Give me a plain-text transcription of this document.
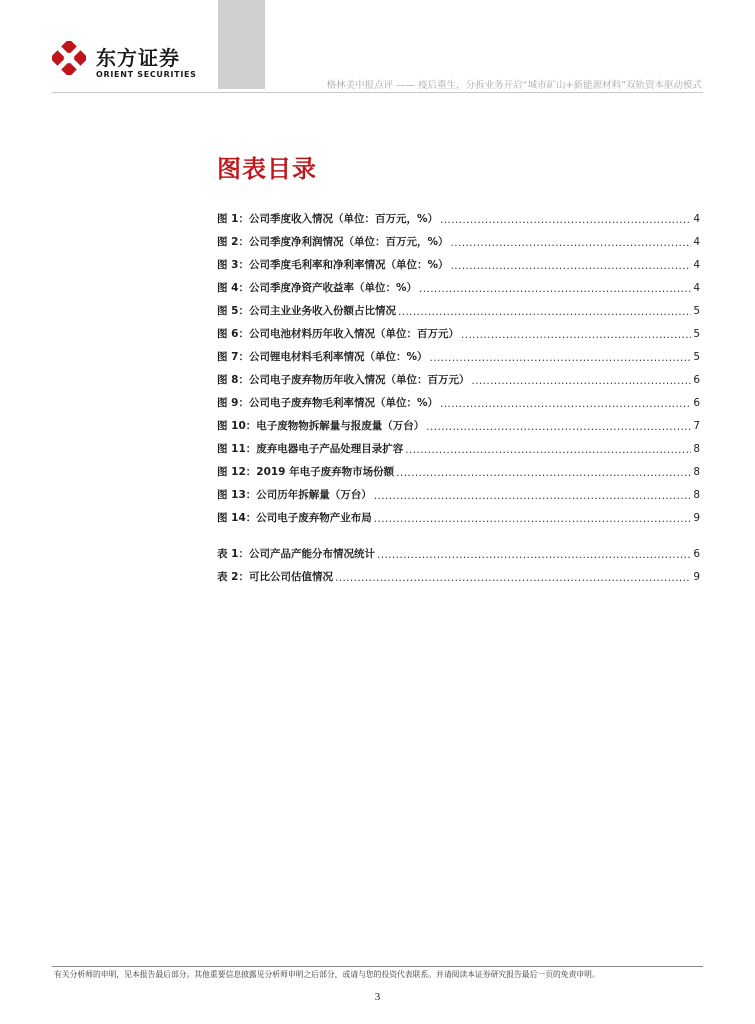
东方证券
ORIENT SECURITIES
格林美中报点评 —— 疫后重生，分拆业务开启“城市矿山+新能源材料”双轨资本驱动模式
图表目录
图 1：公司季度收入情况（单位：百万元，%） .....	4
图 2：公司季度净利润情况（单位：百万元，%） .....	4
图 3：公司季度毛利率和净利率情况（单位：%） .....	4
图 4：公司季度净资产收益率（单位：%） .....	4
图 5：公司主业业务收入份额占比情况 .....	5
图 6：公司电池材料历年收入情况（单位：百万元） .....	5
图 7：公司锂电材料毛利率情况（单位：%） .....	5
图 8：公司电子废弃物历年收入情况（单位：百万元） .....	6
图 9：公司电子废弃物毛利率情况（单位：%） .....	6
图 10：电子废物物拆解量与报废量（万台） .....	7
图 11：废弃电器电子产品处理目录扩容 .....	8
图 12：2019 年电子废弃物市场份额 .....	8
图 13：公司历年拆解量（万台） .....	8
图 14：公司电子废弃物产业布局 .....	9
表 1：公司产品产能分布情况统计 .....	6
表 2：可比公司估值情况 .....	9
有关分析师的申明，见本报告最后部分。其他重要信息披露见分析师申明之后部分，或请与您的投资代表联系。并请阅读本证券研究报告最后一页的免责申明。
3
